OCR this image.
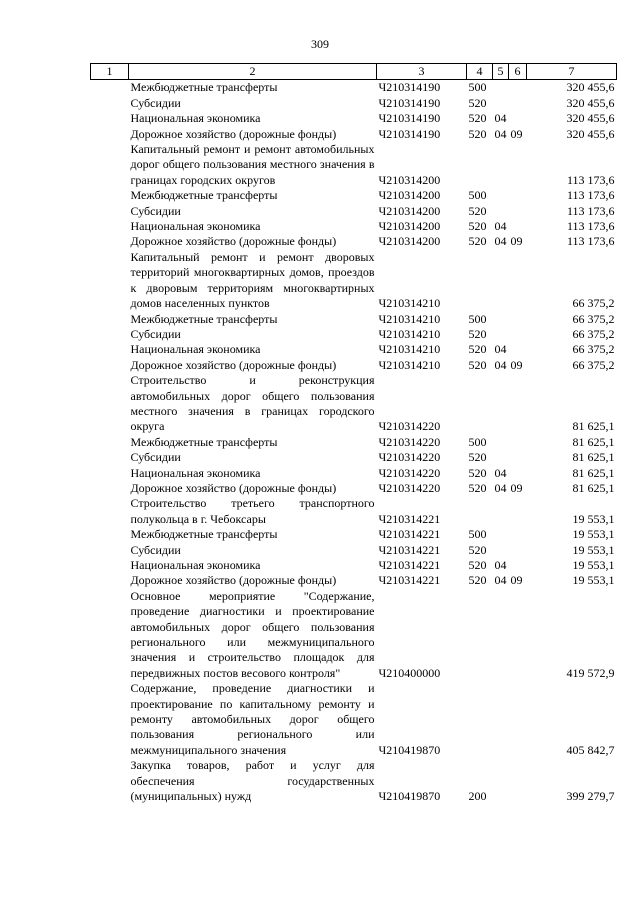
309
1	2	3	4	5	6	7
	Межбюджетные трансферты	Ч210314190	500			320 455,6
	Субсидии	Ч210314190	520			320 455,6
	Национальная экономика	Ч210314190	520	04		320 455,6
	Дорожное хозяйство (дорожные фонды)	Ч210314190	520	04	09	320 455,6
	Капитальный ремонт и ремонт автомобильных дорог общего пользования местного значения в границах городских округов	Ч210314200				113 173,6
	Межбюджетные трансферты	Ч210314200	500			113 173,6
	Субсидии	Ч210314200	520			113 173,6
	Национальная экономика	Ч210314200	520	04		113 173,6
	Дорожное хозяйство (дорожные фонды)	Ч210314200	520	04	09	113 173,6
	Капитальный ремонт и ремонт дворовых территорий многоквартирных домов, проездов к дворовым территориям многоквартирных домов населенных пунктов	Ч210314210				66 375,2
	Межбюджетные трансферты	Ч210314210	500			66 375,2
	Субсидии	Ч210314210	520			66 375,2
	Национальная экономика	Ч210314210	520	04		66 375,2
	Дорожное хозяйство (дорожные фонды)	Ч210314210	520	04	09	66 375,2
	Строительство и реконструкция автомобильных дорог общего пользования местного значения в границах городского округа	Ч210314220				81 625,1
	Межбюджетные трансферты	Ч210314220	500			81 625,1
	Субсидии	Ч210314220	520			81 625,1
	Национальная экономика	Ч210314220	520	04		81 625,1
	Дорожное хозяйство (дорожные фонды)	Ч210314220	520	04	09	81 625,1
	Строительство третьего транспортного полукольца в г. Чебоксары	Ч210314221				19 553,1
	Межбюджетные трансферты	Ч210314221	500			19 553,1
	Субсидии	Ч210314221	520			19 553,1
	Национальная экономика	Ч210314221	520	04		19 553,1
	Дорожное хозяйство (дорожные фонды)	Ч210314221	520	04	09	19 553,1
	Основное мероприятие "Содержание, проведение диагностики и проектирование автомобильных дорог общего пользования регионального или межмуниципального значения и строительство площадок для передвижных постов весового контроля"	Ч210400000				419 572,9
	Содержание, проведение диагностики и проектирование по капитальному ремонту и ремонту автомобильных дорог общего пользования регионального или межмуниципального значения	Ч210419870				405 842,7
	Закупка товаров, работ и услуг для обеспечения государственных (муниципальных) нужд	Ч210419870	200			399 279,7
